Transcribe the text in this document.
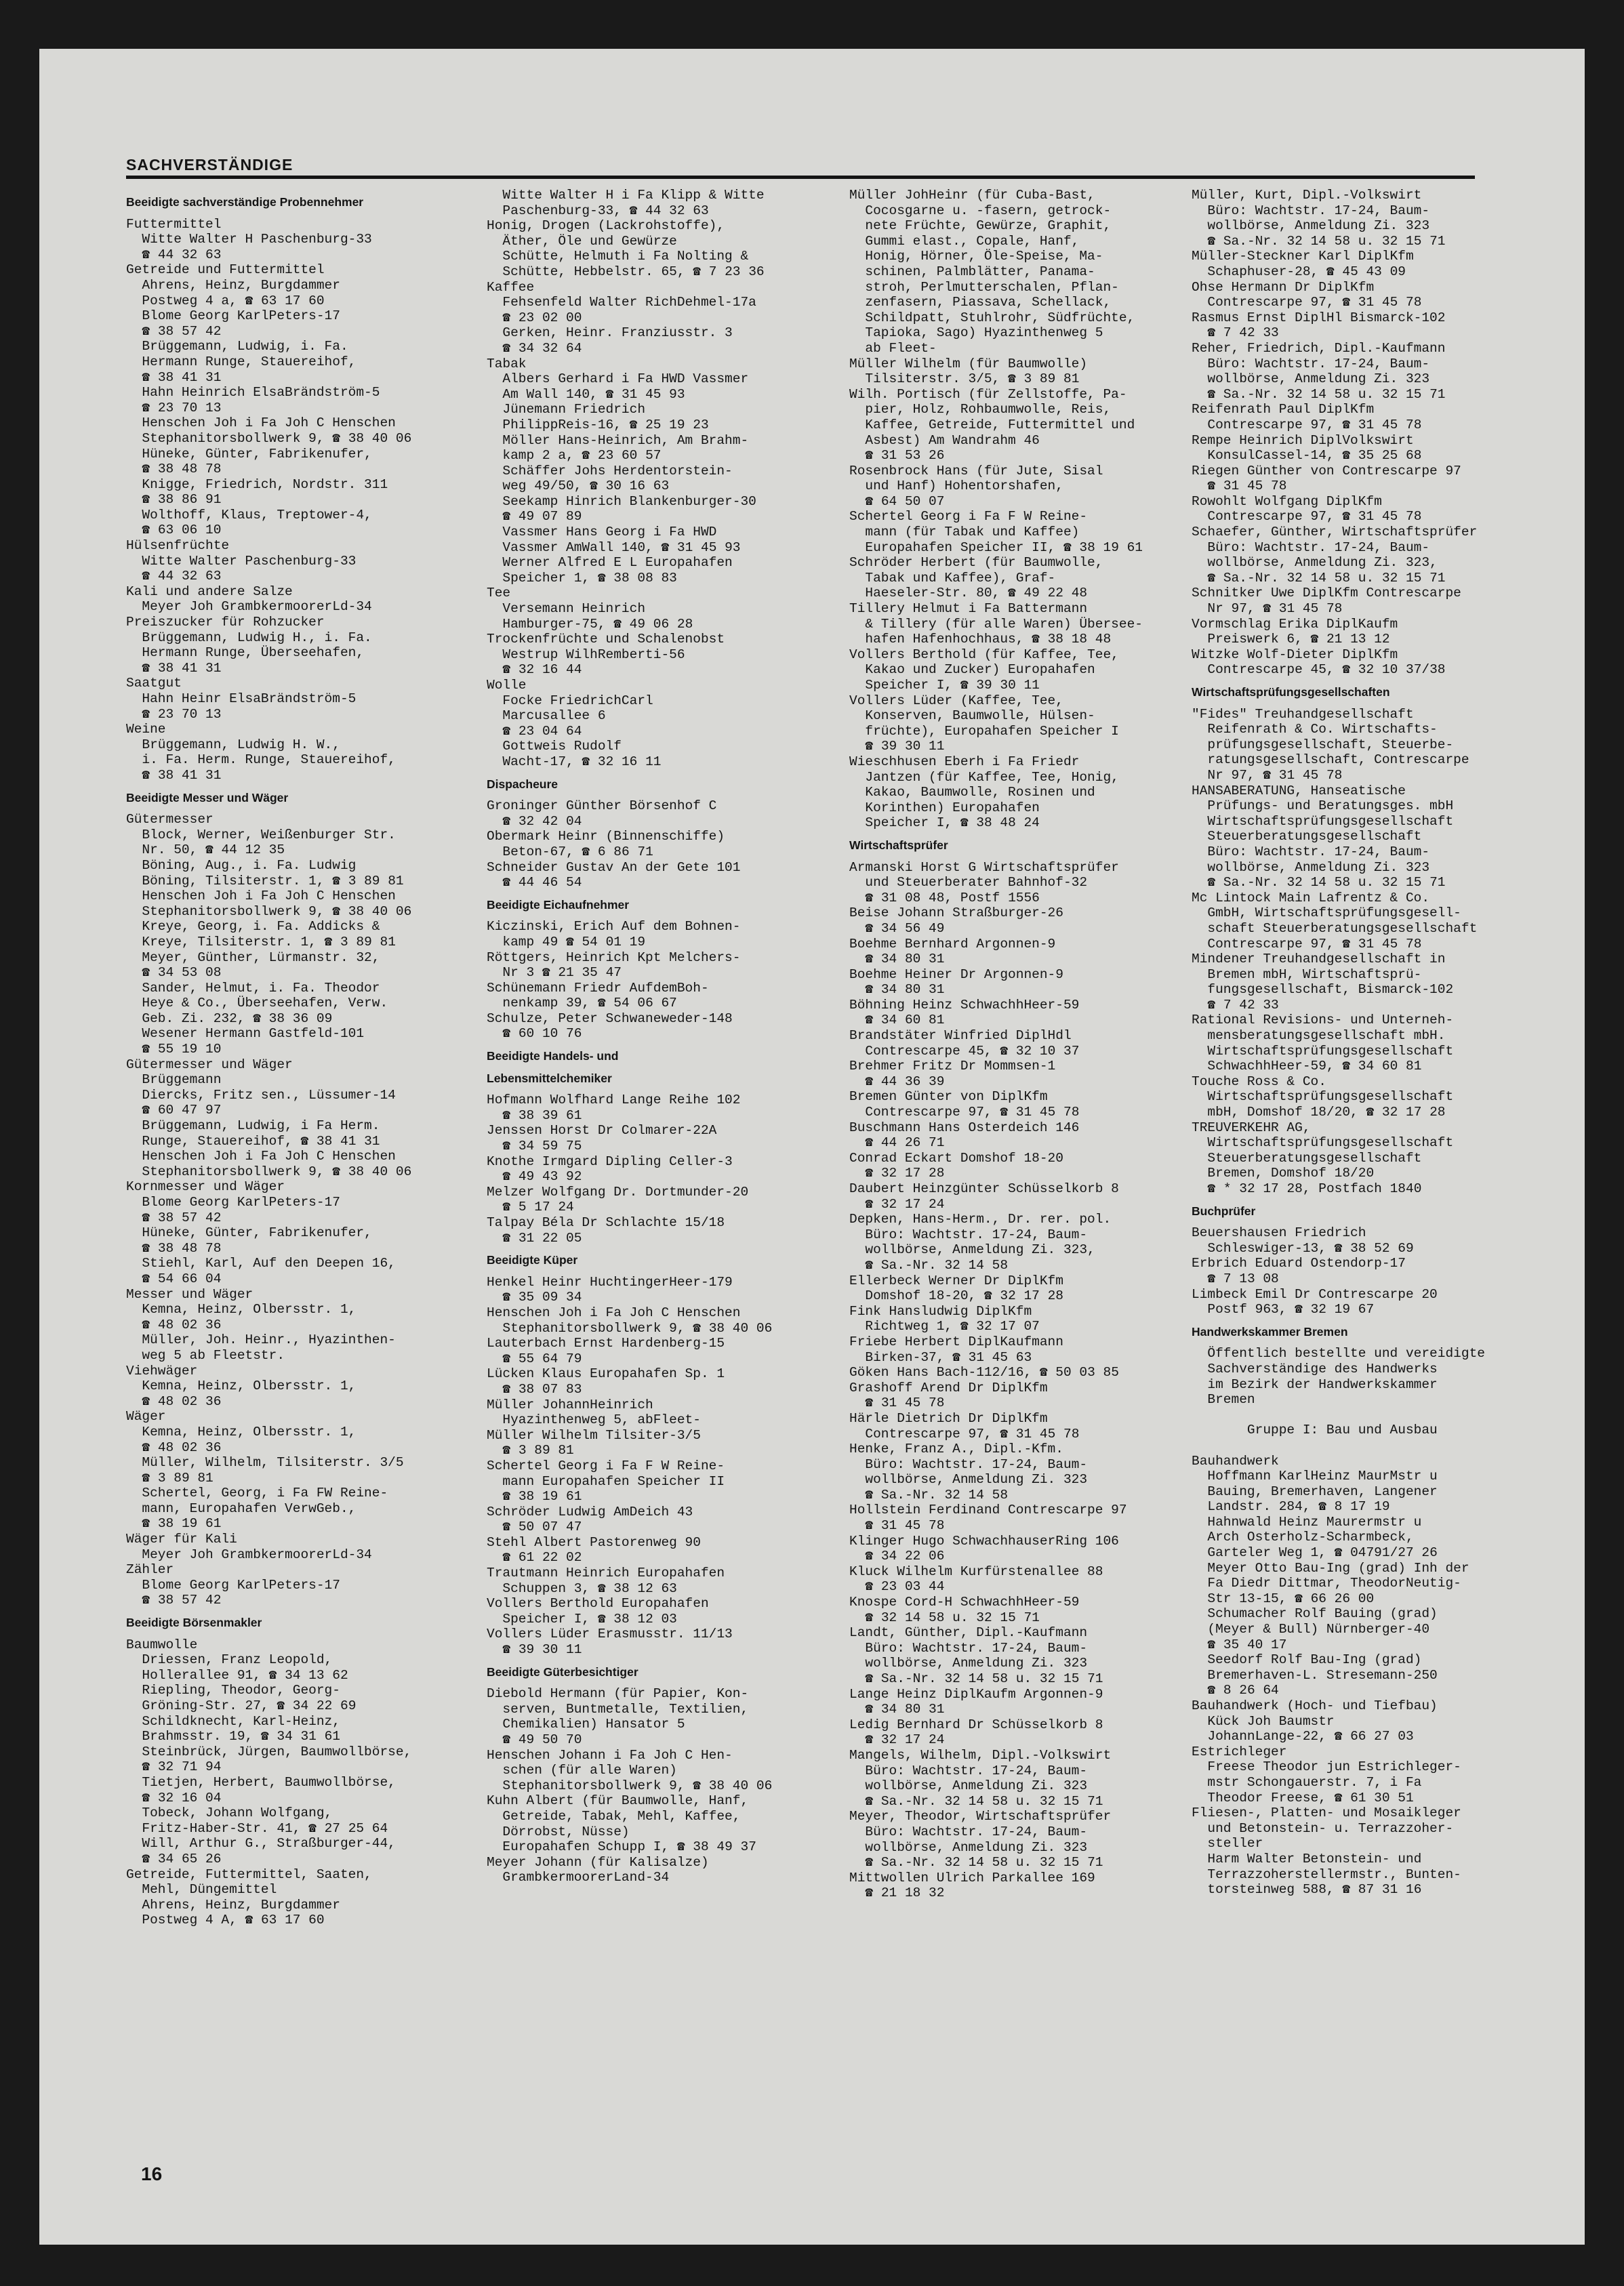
SACHVERSTÄNDIGE
Beeidigte sachverständige Probennehmer
Futtermittel
Witte Walter H Paschenburg-33
☎ 44 32 63
Getreide und Futtermittel
Ahrens, Heinz, Burgdammer
Postweg 4 a, ☎ 63 17 60
Blome Georg KarlPeters-17
☎ 38 57 42
Brüggemann, Ludwig, i. Fa.
Hermann Runge, Stauereihof,
☎ 38 41 31
Hahn Heinrich ElsaBrändström-5
☎ 23 70 13
Henschen Joh i Fa Joh C Henschen
Stephanitorsbollwerk 9, ☎ 38 40 06
Hüneke, Günter, Fabrikenufer,
☎ 38 48 78
Knigge, Friedrich, Nordstr. 311
☎ 38 86 91
Wolthoff, Klaus, Treptower-4,
☎ 63 06 10
Hülsenfrüchte
Witte Walter Paschenburg-33
☎ 44 32 63
Kali und andere Salze
Meyer Joh GrambkermoorerLd-34
Preiszucker für Rohzucker
Brüggemann, Ludwig H., i. Fa.
Hermann Runge, Überseehafen,
☎ 38 41 31
Saatgut
Hahn Heinr ElsaBrändström-5
☎ 23 70 13
Weine
Brüggemann, Ludwig H. W.,
i. Fa. Herm. Runge, Stauereihof,
☎ 38 41 31
Beeidigte Messer und Wäger
Gütermesser
Block, Werner, Weißenburger Str.
Nr. 50, ☎ 44 12 35
Böning, Aug., i. Fa. Ludwig
Böning, Tilsiterstr. 1, ☎ 3 89 81
Henschen Joh i Fa Joh C Henschen
Stephanitorsbollwerk 9, ☎ 38 40 06
Kreye, Georg, i. Fa. Addicks &
Kreye, Tilsiterstr. 1, ☎ 3 89 81
Meyer, Günther, Lürmanstr. 32,
☎ 34 53 08
Sander, Helmut, i. Fa. Theodor
Heye & Co., Überseehafen, Verw.
Geb. Zi. 232, ☎ 38 36 09
Wesener Hermann Gastfeld-101
☎ 55 19 10
Gütermesser und Wäger
Brüggemann
Diercks, Fritz sen., Lüssumer-14
☎ 60 47 97
Brüggemann, Ludwig, i Fa Herm.
Runge, Stauereihof, ☎ 38 41 31
Henschen Joh i Fa Joh C Henschen
Stephanitorsbollwerk 9, ☎ 38 40 06
Kornmesser und Wäger
Blome Georg KarlPeters-17
☎ 38 57 42
Hüneke, Günter, Fabrikenufer,
☎ 38 48 78
Stiehl, Karl, Auf den Deepen 16,
☎ 54 66 04
Messer und Wäger
Kemna, Heinz, Olbersstr. 1,
☎ 48 02 36
Müller, Joh. Heinr., Hyazinthen-
weg 5 ab Fleetstr.
Viehwäger
Kemna, Heinz, Olbersstr. 1,
☎ 48 02 36
Wäger
Kemna, Heinz, Olbersstr. 1,
☎ 48 02 36
Müller, Wilhelm, Tilsiterstr. 3/5
☎ 3 89 81
Schertel, Georg, i Fa FW Reine-
mann, Europahafen VerwGeb.,
☎ 38 19 61
Wäger für Kali
Meyer Joh GrambkermoorerLd-34
Zähler
Blome Georg KarlPeters-17
☎ 38 57 42
Beeidigte Börsenmakler
Baumwolle
Driessen, Franz Leopold,
Hollerallee 91, ☎ 34 13 62
Riepling, Theodor, Georg-
Gröning-Str. 27, ☎ 34 22 69
Schildknecht, Karl-Heinz,
Brahmsstr. 19, ☎ 34 31 61
Steinbrück, Jürgen, Baumwollbörse,
☎ 32 71 94
Tietjen, Herbert, Baumwollbörse,
☎ 32 16 04
Tobeck, Johann Wolfgang,
Fritz-Haber-Str. 41, ☎ 27 25 64
Will, Arthur G., Straßburger-44,
☎ 34 65 26
Getreide, Futtermittel, Saaten,
Mehl, Düngemittel
Ahrens, Heinz, Burgdammer
Postweg 4 A, ☎ 63 17 60
Witte Walter H i Fa Klipp & Witte
Paschenburg-33, ☎ 44 32 63
Honig, Drogen (Lackrohstoffe),
Äther, Öle und Gewürze
Schütte, Helmuth i Fa Nolting &
Schütte, Hebbelstr. 65, ☎ 7 23 36
Kaffee
Fehsenfeld Walter RichDehmel-17a
☎ 23 02 00
Gerken, Heinr. Franziusstr. 3
☎ 34 32 64
Tabak
Albers Gerhard i Fa HWD Vassmer
Am Wall 140, ☎ 31 45 93
Jünemann Friedrich
PhilippReis-16, ☎ 25 19 23
Möller Hans-Heinrich, Am Brahm-
kamp 2 a, ☎ 23 60 57
Schäffer Johs Herdentorstein-
weg 49/50, ☎ 30 16 63
Seekamp Hinrich Blankenburger-30
☎ 49 07 89
Vassmer Hans Georg i Fa HWD
Vassmer AmWall 140, ☎ 31 45 93
Werner Alfred E L Europahafen
Speicher 1, ☎ 38 08 83
Tee
Versemann Heinrich
Hamburger-75, ☎ 49 06 28
Trockenfrüchte und Schalenobst
Westrup WilhRemberti-56
☎ 32 16 44
Wolle
Focke FriedrichCarl
Marcusallee 6
☎ 23 04 64
Gottweis Rudolf
Wacht-17, ☎ 32 16 11
Dispacheure
Groninger Günther Börsenhof C
☎ 32 42 04
Obermark Heinr (Binnenschiffe)
Beton-67, ☎ 6 86 71
Schneider Gustav An der Gete 101
☎ 44 46 54
Beeidigte Eichaufnehmer
Kiczinski, Erich Auf dem Bohnen-
kamp 49 ☎ 54 01 19
Röttgers, Heinrich Kpt Melchers-
Nr 3 ☎ 21 35 47
Schünemann Friedr AufdemBoh-
nenkamp 39, ☎ 54 06 67
Schulze, Peter Schwaneweder-148
☎ 60 10 76
Beeidigte Handels- und
Lebensmittelchemiker
Hofmann Wolfhard Lange Reihe 102
☎ 38 39 61
Jenssen Horst Dr Colmarer-22A
☎ 34 59 75
Knothe Irmgard Dipling Celler-3
☎ 49 43 92
Melzer Wolfgang Dr. Dortmunder-20
☎ 5 17 24
Talpay Béla Dr Schlachte 15/18
☎ 31 22 05
Beeidigte Küper
Henkel Heinr HuchtingerHeer-179
☎ 35 09 34
Henschen Joh i Fa Joh C Henschen
Stephanitorsbollwerk 9, ☎ 38 40 06
Lauterbach Ernst Hardenberg-15
☎ 55 64 79
Lücken Klaus Europahafen Sp. 1
☎ 38 07 83
Müller JohannHeinrich
Hyazinthenweg 5, abFleet-
Müller Wilhelm Tilsiter-3/5
☎ 3 89 81
Schertel Georg i Fa F W Reine-
mann Europahafen Speicher II
☎ 38 19 61
Schröder Ludwig AmDeich 43
☎ 50 07 47
Stehl Albert Pastorenweg 90
☎ 61 22 02
Trautmann Heinrich Europahafen
Schuppen 3, ☎ 38 12 63
Vollers Berthold Europahafen
Speicher I, ☎ 38 12 03
Vollers Lüder Erasmusstr. 11/13
☎ 39 30 11
Beeidigte Güterbesichtiger
Diebold Hermann (für Papier, Kon-
serven, Buntmetalle, Textilien,
Chemikalien) Hansator 5
☎ 49 50 70
Henschen Johann i Fa Joh C Hen-
schen (für alle Waren)
Stephanitorsbollwerk 9, ☎ 38 40 06
Kuhn Albert (für Baumwolle, Hanf,
Getreide, Tabak, Mehl, Kaffee,
Dörrobst, Nüsse)
Europahafen Schupp I, ☎ 38 49 37
Meyer Johann (für Kalisalze)
GrambkermoorerLand-34
Müller JohHeinr (für Cuba-Bast,
Cocosgarne u. -fasern, getrock-
nete Früchte, Gewürze, Graphit,
Gummi elast., Copale, Hanf,
Honig, Hörner, Öle-Speise, Ma-
schinen, Palmblätter, Panama-
stroh, Perlmutterschalen, Pflan-
zenfasern, Piassava, Schellack,
Schildpatt, Stuhlrohr, Südfrüchte,
Tapioka, Sago) Hyazinthenweg 5
ab Fleet-
Müller Wilhelm (für Baumwolle)
Tilsiterstr. 3/5, ☎ 3 89 81
Wilh. Portisch (für Zellstoffe, Pa-
pier, Holz, Rohbaumwolle, Reis,
Kaffee, Getreide, Futtermittel und
Asbest) Am Wandrahm 46
☎ 31 53 26
Rosenbrock Hans (für Jute, Sisal
und Hanf) Hohentorshafen,
☎ 64 50 07
Schertel Georg i Fa F W Reine-
mann (für Tabak und Kaffee)
Europahafen Speicher II, ☎ 38 19 61
Schröder Herbert (für Baumwolle,
Tabak und Kaffee), Graf-
Haeseler-Str. 80, ☎ 49 22 48
Tillery Helmut i Fa Battermann
& Tillery (für alle Waren) Übersee-
hafen Hafenhochhaus, ☎ 38 18 48
Vollers Berthold (für Kaffee, Tee,
Kakao und Zucker) Europahafen
Speicher I, ☎ 39 30 11
Vollers Lüder (Kaffee, Tee,
Konserven, Baumwolle, Hülsen-
früchte), Europahafen Speicher I
☎ 39 30 11
Wieschhusen Eberh i Fa Friedr
Jantzen (für Kaffee, Tee, Honig,
Kakao, Baumwolle, Rosinen und
Korinthen) Europahafen
Speicher I, ☎ 38 48 24
Wirtschaftsprüfer
Armanski Horst G Wirtschaftsprüfer
und Steuerberater Bahnhof-32
☎ 31 08 48, Postf 1556
Beise Johann Straßburger-26
☎ 34 56 49
Boehme Bernhard Argonnen-9
☎ 34 80 31
Boehme Heiner Dr Argonnen-9
☎ 34 80 31
Böhning Heinz SchwachhHeer-59
☎ 34 60 81
Brandstäter Winfried DiplHdl
Contrescarpe 45, ☎ 32 10 37
Brehmer Fritz Dr Mommsen-1
☎ 44 36 39
Bremen Günter von DiplKfm
Contrescarpe 97, ☎ 31 45 78
Buschmann Hans Osterdeich 146
☎ 44 26 71
Conrad Eckart Domshof 18-20
☎ 32 17 28
Daubert Heinzgünter Schüsselkorb 8
☎ 32 17 24
Depken, Hans-Herm., Dr. rer. pol.
Büro: Wachtstr. 17-24, Baum-
wollbörse, Anmeldung Zi. 323,
☎ Sa.-Nr. 32 14 58
Ellerbeck Werner Dr DiplKfm
Domshof 18-20, ☎ 32 17 28
Fink Hansludwig DiplKfm
Richtweg 1, ☎ 32 17 07
Friebe Herbert DiplKaufmann
Birken-37, ☎ 31 45 63
Göken Hans Bach-112/16, ☎ 50 03 85
Grashoff Arend Dr DiplKfm
☎ 31 45 78
Härle Dietrich Dr DiplKfm
Contrescarpe 97, ☎ 31 45 78
Henke, Franz A., Dipl.-Kfm.
Büro: Wachtstr. 17-24, Baum-
wollbörse, Anmeldung Zi. 323
☎ Sa.-Nr. 32 14 58
Hollstein Ferdinand Contrescarpe 97
☎ 31 45 78
Klinger Hugo SchwachhauserRing 106
☎ 34 22 06
Kluck Wilhelm Kurfürstenallee 88
☎ 23 03 44
Knospe Cord-H SchwachhHeer-59
☎ 32 14 58 u. 32 15 71
Landt, Günther, Dipl.-Kaufmann
Büro: Wachtstr. 17-24, Baum-
wollbörse, Anmeldung Zi. 323
☎ Sa.-Nr. 32 14 58 u. 32 15 71
Lange Heinz DiplKaufm Argonnen-9
☎ 34 80 31
Ledig Bernhard Dr Schüsselkorb 8
☎ 32 17 24
Mangels, Wilhelm, Dipl.-Volkswirt
Büro: Wachtstr. 17-24, Baum-
wollbörse, Anmeldung Zi. 323
☎ Sa.-Nr. 32 14 58 u. 32 15 71
Meyer, Theodor, Wirtschaftsprüfer
Büro: Wachtstr. 17-24, Baum-
wollbörse, Anmeldung Zi. 323
☎ Sa.-Nr. 32 14 58 u. 32 15 71
Mittwollen Ulrich Parkallee 169
☎ 21 18 32
Müller, Kurt, Dipl.-Volkswirt
Büro: Wachtstr. 17-24, Baum-
wollbörse, Anmeldung Zi. 323
☎ Sa.-Nr. 32 14 58 u. 32 15 71
Müller-Steckner Karl DiplKfm
Schaphuser-28, ☎ 45 43 09
Ohse Hermann Dr DiplKfm
Contrescarpe 97, ☎ 31 45 78
Rasmus Ernst DiplHl Bismarck-102
☎ 7 42 33
Reher, Friedrich, Dipl.-Kaufmann
Büro: Wachtstr. 17-24, Baum-
wollbörse, Anmeldung Zi. 323
☎ Sa.-Nr. 32 14 58 u. 32 15 71
Reifenrath Paul DiplKfm
Contrescarpe 97, ☎ 31 45 78
Rempe Heinrich DiplVolkswirt
KonsulCassel-14, ☎ 35 25 68
Riegen Günther von Contrescarpe 97
☎ 31 45 78
Rowohlt Wolfgang DiplKfm
Contrescarpe 97, ☎ 31 45 78
Schaefer, Günther, Wirtschaftsprüfer
Büro: Wachtstr. 17-24, Baum-
wollbörse, Anmeldung Zi. 323,
☎ Sa.-Nr. 32 14 58 u. 32 15 71
Schnitker Uwe DiplKfm Contrescarpe
Nr 97, ☎ 31 45 78
Vormschlag Erika DiplKaufm
Preiswerk 6, ☎ 21 13 12
Witzke Wolf-Dieter DiplKfm
Contrescarpe 45, ☎ 32 10 37/38
Wirtschaftsprüfungsgesellschaften
"Fides" Treuhandgesellschaft
Reifenrath & Co. Wirtschafts-
prüfungsgesellschaft, Steuerbe-
ratungsgesellschaft, Contrescarpe
Nr 97, ☎ 31 45 78
HANSABERATUNG, Hanseatische
Prüfungs- und Beratungsges. mbH
Wirtschaftsprüfungsgesellschaft
Steuerberatungsgesellschaft
Büro: Wachtstr. 17-24, Baum-
wollbörse, Anmeldung Zi. 323
☎ Sa.-Nr. 32 14 58 u. 32 15 71
Mc Lintock Main Lafrentz & Co.
GmbH, Wirtschaftsprüfungsgesell-
schaft Steuerberatungsgesellschaft
Contrescarpe 97, ☎ 31 45 78
Mindener Treuhandgesellschaft in
Bremen mbH, Wirtschaftsprü-
fungsgesellschaft, Bismarck-102
☎ 7 42 33
Rational Revisions- und Unterneh-
mensberatungsgesellschaft mbH.
Wirtschaftsprüfungsgesellschaft
SchwachhHeer-59, ☎ 34 60 81
Touche Ross & Co.
Wirtschaftsprüfungsgesellschaft
mbH, Domshof 18/20, ☎ 32 17 28
TREUVERKEHR AG,
Wirtschaftsprüfungsgesellschaft
Steuerberatungsgesellschaft
Bremen, Domshof 18/20
☎ * 32 17 28, Postfach 1840
Buchprüfer
Beuershausen Friedrich
Schleswiger-13, ☎ 38 52 69
Erbrich Eduard Ostendorp-17
☎ 7 13 08
Limbeck Emil Dr Contrescarpe 20
Postf 963, ☎ 32 19 67
Handwerkskammer Bremen
Öffentlich bestellte und vereidigte
Sachverständige des Handwerks
im Bezirk der Handwerkskammer
Bremen
Gruppe I: Bau und Ausbau
Bauhandwerk
Hoffmann KarlHeinz MaurMstr u
Bauing, Bremerhaven, Langener
Landstr. 284, ☎ 8 17 19
Hahnwald Heinz Maurermstr u
Arch Osterholz-Scharmbeck,
Garteler Weg 1, ☎ 04791/27 26
Meyer Otto Bau-Ing (grad) Inh der
Fa Diedr Dittmar, TheodorNeutig-
Str 13-15, ☎ 66 26 00
Schumacher Rolf Bauing (grad)
(Meyer & Bull) Nürnberger-40
☎ 35 40 17
Seedorf Rolf Bau-Ing (grad)
Bremerhaven-L. Stresemann-250
☎ 8 26 64
Bauhandwerk (Hoch- und Tiefbau)
Kück Joh Baumstr
JohannLange-22, ☎ 66 27 03
Estrichleger
Freese Theodor jun Estrichleger-
mstr Schongauerstr. 7, i Fa
Theodor Freese, ☎ 61 30 51
Fliesen-, Platten- und Mosaikleger
und Betonstein- u. Terrazzoher-
steller
Harm Walter Betonstein- und
Terrazzoherstellermstr., Bunten-
torsteinweg 588, ☎ 87 31 16
16
